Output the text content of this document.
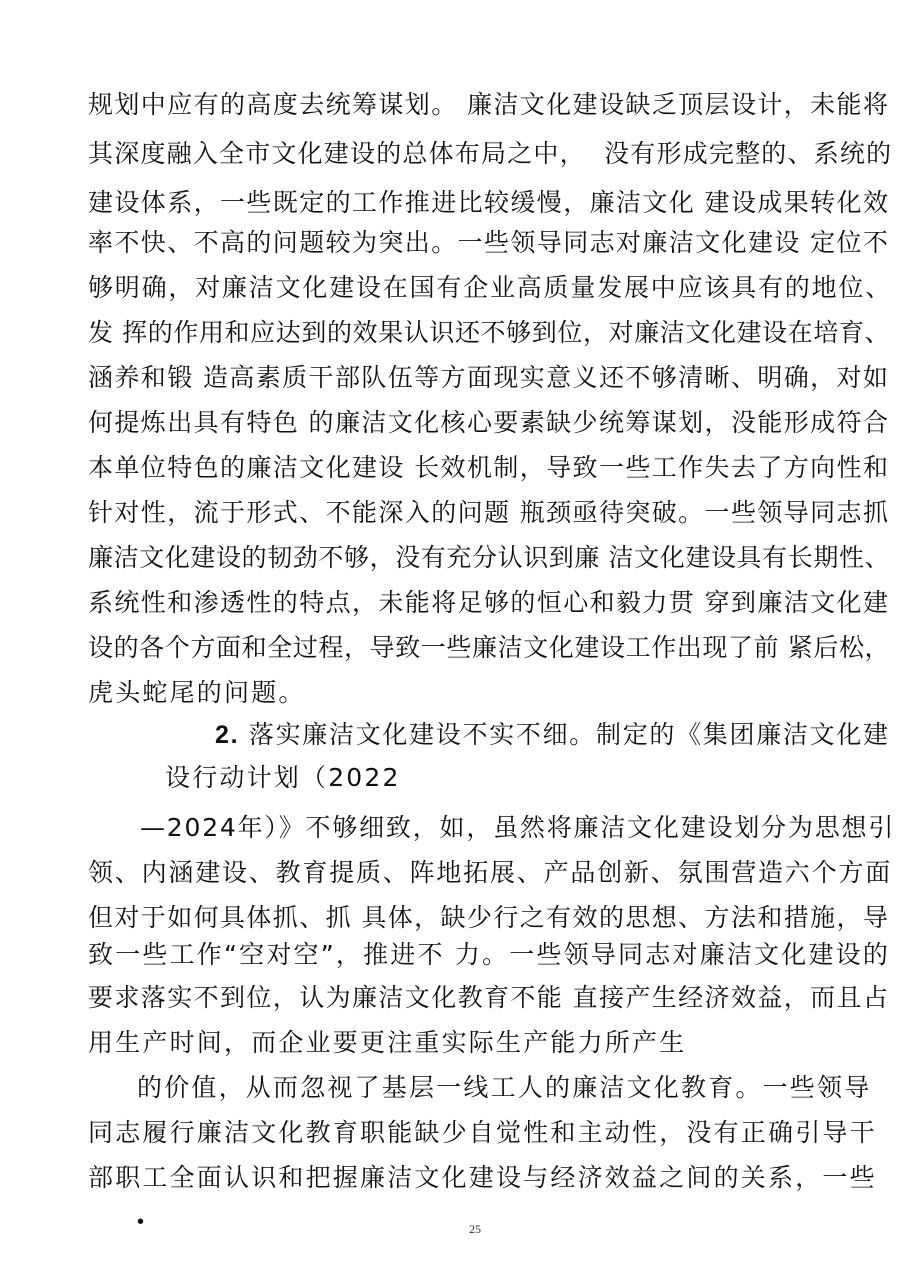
规划中应有的高度去统筹谋划。 廉洁文化建设缺乏顶层设计，未能将
其深度融入全市文化建设的总体布局之中，  没有形成完整的、系统的
建设体系，一些既定的工作推进比较缓慢，廉洁文化 建设成果转化效
率不快、不高的问题较为突出。一些领导同志对廉洁文化建设 定位不
够明确，对廉洁文化建设在国有企业高质量发展中应该具有的地位、
发 挥的作用和应达到的效果认识还不够到位，对廉洁文化建设在培育、
涵养和锻 造高素质干部队伍等方面现实意义还不够清晰、明确，对如
何提炼出具有特色 的廉洁文化核心要素缺少统筹谋划，没能形成符合
本单位特色的廉洁文化建设 长效机制，导致一些工作失去了方向性和
针对性，流于形式、不能深入的问题 瓶颈亟待突破。一些领导同志抓
廉洁文化建设的韧劲不够，没有充分认识到廉 洁文化建设具有长期性、
系统性和渗透性的特点，未能将足够的恒心和毅力贯 穿到廉洁文化建
设的各个方面和全过程，导致一些廉洁文化建设工作出现了前 紧后松，
虎头蛇尾的问题。
2. 落实廉洁文化建设不实不细。制定的《集团廉洁文化建
设行动计划（2022
—2024年）》不够细致，如，虽然将廉洁文化建设划分为思想引
领、内涵建设、教育提质、阵地拓展、产品创新、氛围营造六个方面
但对于如何具体抓、抓 具体，缺少行之有效的思想、方法和措施，导
致一些工作“空对空”，推进不 力。一些领导同志对廉洁文化建设的
要求落实不到位，认为廉洁文化教育不能 直接产生经济效益，而且占
用生产时间，而企业要更注重实际生产能力所产生
的价值，从而忽视了基层一线工人的廉洁文化教育。一些领导
同志履行廉洁文化教育职能缺少自觉性和主动性，没有正确引导干
部职工全面认识和把握廉洁文化建设与经济效益之间的关系，一些
•	25
